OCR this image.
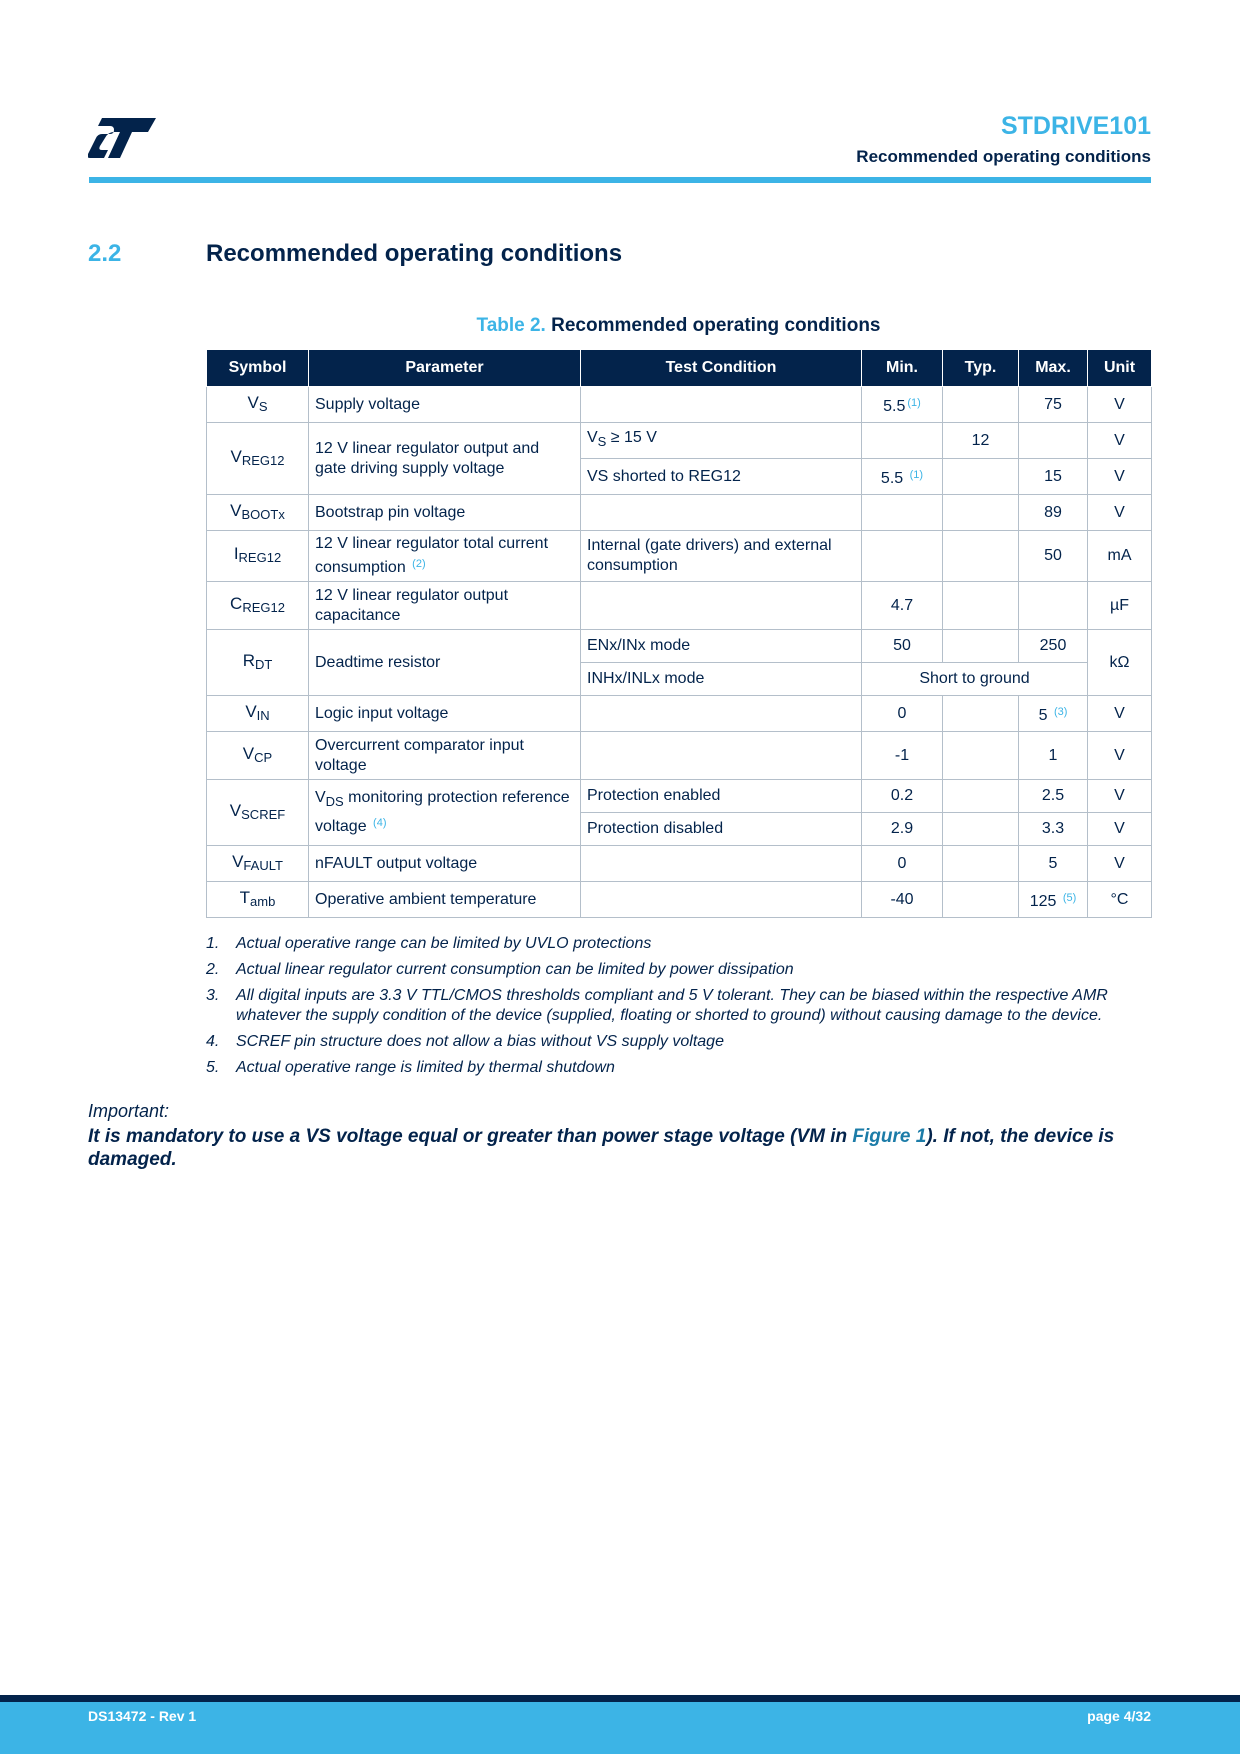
ST	STDRIVE101
Recommended operating conditions
2.2	Recommended operating conditions
Table 2. Recommended operating conditions
Symbol	Parameter	Test Condition	Min.	Typ.	Max.	Unit
$V_S$	Supply voltage		5.5 $^{(1)}$		75	V
$V_{REG12}$	12 V linear regulator output and gate driving supply voltage	$V_S \ge 15$ V		12		V
		VS shorted to REG12	5.5 $^{(1)}$		15	V
$V_{BOOTx}$	Bootstrap pin voltage				89	V
$I_{REG12}$	12 V linear regulator total current consumption $^{(2)}$	Internal (gate drivers) and external consumption			50	mA
$C_{REG12}$	12 V linear regulator output capacitance		4.7			µF
$R_{DT}$	Deadtime resistor	ENx/INx mode	50		250	kΩ
		INHx/INLx mode	Short to ground			
$V_{IN}$	Logic input voltage		0		5 $^{(3)}$	V
$V_{CP}$	Overcurrent comparator input voltage		-1		1	V
$V_{SCREF}$	$V_{DS}$ monitoring protection reference voltage $^{(4)}$	Protection enabled	0.2		2.5	V
		Protection disabled	2.9		3.3	V
$V_{FAULT}$	nFAULT output voltage		0		5	V
$T_{amb}$	Operative ambient temperature		-40		125 $^{(5)}$	°C
1. Actual operative range can be limited by UVLO protections
2. Actual linear regulator current consumption can be limited by power dissipation
3. All digital inputs are 3.3 V TTL/CMOS thresholds compliant and 5 V tolerant. They can be biased within the respective AMR whatever the supply condition of the device (supplied, floating or shorted to ground) without causing damage to the device.
4. SCREF pin structure does not allow a bias without VS supply voltage
5. Actual operative range is limited by thermal shutdown
Important:
It is mandatory to use a VS voltage equal or greater than power stage voltage (VM in Figure 1). If not, the device is damaged.
DS13472 - Rev 1	page 4/32
